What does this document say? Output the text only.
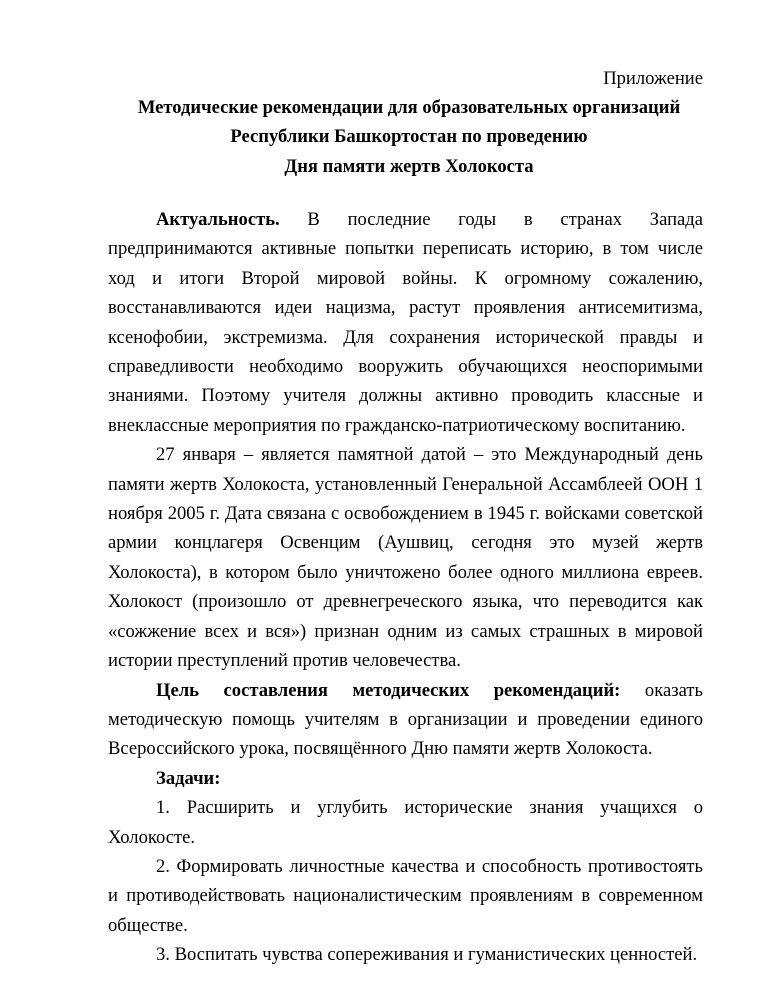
Приложение

Методические рекомендации для образовательных организаций
Республики Башкортостан по проведению
Дня памяти жертв Холокоста

Актуальность. В последние годы в странах Запада предпринимаются активные попытки переписать историю, в том числе ход и итоги Второй мировой войны. К огромному сожалению, восстанавливаются идеи нацизма, растут проявления антисемитизма, ксенофобии, экстремизма. Для сохранения исторической правды и справедливости необходимо вооружить обучающихся неоспоримыми знаниями. Поэтому учителя должны активно проводить классные и внеклассные мероприятия по гражданско-патриотическому воспитанию.

27 января – является памятной датой – это Международный день памяти жертв Холокоста, установленный Генеральной Ассамблеей ООН 1 ноября 2005 г. Дата связана с освобождением в 1945 г. войсками советской армии концлагеря Освенцим (Аушвиц, сегодня это музей жертв Холокоста), в котором было уничтожено более одного миллиона евреев. Холокост (произошло от древнегреческого языка, что переводится как «сожжение всех и вся») признан одним из самых страшных в мировой истории преступлений против человечества.

Цель составления методических рекомендаций: оказать

методическую помощь учителям в организации и проведении единого Всероссийского урока, посвящённого Дню памяти жертв Холокоста.

Задачи:

1. Расширить и углубить исторические знания учащихся о Холокосте.

2. Формировать личностные качества и способность противостоять и противодействовать националистическим проявлениям в современном обществе.

3. Воспитать чувства сопереживания и гуманистических ценностей.
